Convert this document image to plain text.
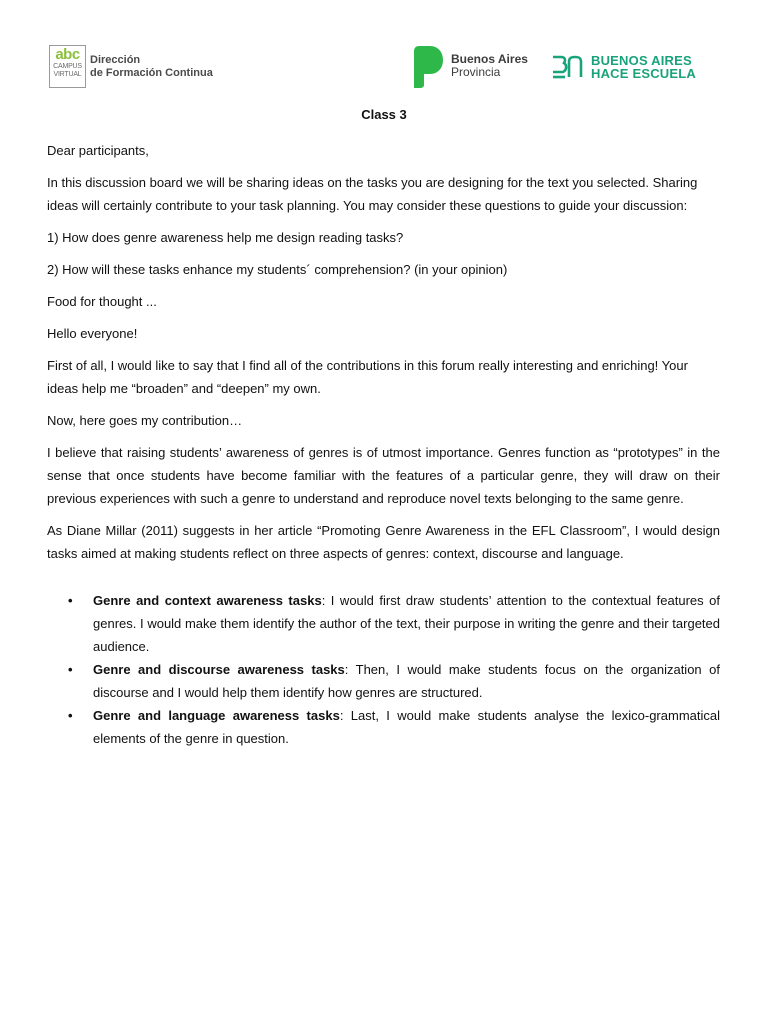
abc
CAMPUS
VIRTUAL
Dirección
de Formación Continua
Buenos Aires
Provincia
BUENOS AIRES
HACE ESCUELA
Class 3

Dear participants,

In this discussion board we will be sharing ideas on the tasks you are designing for the text you selected. Sharing ideas will certainly contribute to your task planning. You may consider these questions to guide your discussion:

1) How does genre awareness help me design reading tasks?

2) How will these tasks enhance my students´ comprehension? (in your opinion)

Food for thought ...

Hello everyone!

First of all, I would like to say that I find all of the contributions in this forum really interesting and enriching! Your ideas help me “broaden” and “deepen” my own.

Now, here goes my contribution…

I believe that raising students’ awareness of genres is of utmost importance. Genres function as “prototypes” in the sense that once students have become familiar with the features of a particular genre, they will draw on their previous experiences with such a genre to understand and reproduce novel texts belonging to the same genre.

As Diane Millar (2011) suggests in her article “Promoting Genre Awareness in the EFL Classroom”, I would design tasks aimed at making students reflect on three aspects of genres: context, discourse and language.

• Genre and context awareness tasks: I would first draw students’ attention to the contextual features of genres. I would make them identify the author of the text, their purpose in writing the genre and their targeted audience.
• Genre and discourse awareness tasks: Then, I would make students focus on the organization of discourse and I would help them identify how genres are structured.
• Genre and language awareness tasks: Last, I would make students analyse the lexico-grammatical elements of the genre in question.
